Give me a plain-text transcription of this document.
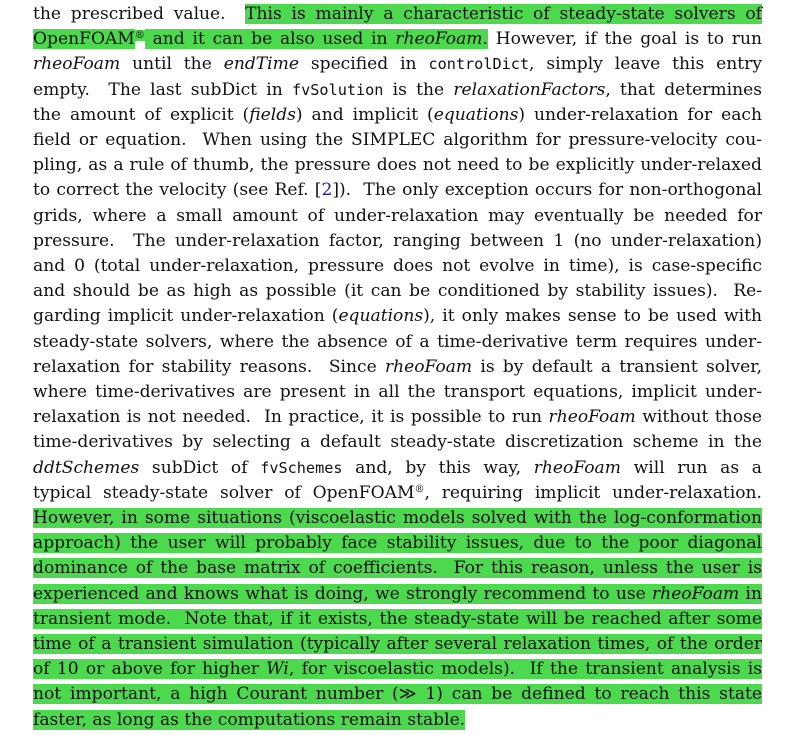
the prescribed value.  This is mainly a characteristic of steady-state solvers of
OpenFOAM® and it can be also used in rheoFoam. However, if the goal is to run
rheoFoam until the endTime specified in controlDict, simply leave this entry
empty.  The last subDict in fvSolution is the relaxationFactors, that determines
the amount of explicit (fields) and implicit (equations) under-relaxation for each
field or equation.  When using the SIMPLEC algorithm for pressure-velocity cou-
pling, as a rule of thumb, the pressure does not need to be explicitly under-relaxed
to correct the velocity (see Ref. [2]).  The only exception occurs for non-orthogonal
grids, where a small amount of under-relaxation may eventually be needed for
pressure.  The under-relaxation factor, ranging between 1 (no under-relaxation)
and 0 (total under-relaxation, pressure does not evolve in time), is case-specific
and should be as high as possible (it can be conditioned by stability issues).  Re-
garding implicit under-relaxation (equations), it only makes sense to be used with
steady-state solvers, where the absence of a time-derivative term requires under-
relaxation for stability reasons.  Since rheoFoam is by default a transient solver,
where time-derivatives are present in all the transport equations, implicit under-
relaxation is not needed.  In practice, it is possible to run rheoFoam without those
time-derivatives by selecting a default steady-state discretization scheme in the
ddtSchemes subDict of fvSchemes and, by this way, rheoFoam will run as a
typical steady-state solver of OpenFOAM®, requiring implicit under-relaxation.
However, in some situations (viscoelastic models solved with the log-conformation
approach) the user will probably face stability issues, due to the poor diagonal
dominance of the base matrix of coefficients.  For this reason, unless the user is
experienced and knows what is doing, we strongly recommend to use rheoFoam in
transient mode.  Note that, if it exists, the steady-state will be reached after some
time of a transient simulation (typically after several relaxation times, of the order
of 10 or above for higher Wi, for viscoelastic models).  If the transient analysis is
not important, a high Courant number (≫ 1) can be defined to reach this state
faster, as long as the computations remain stable.
